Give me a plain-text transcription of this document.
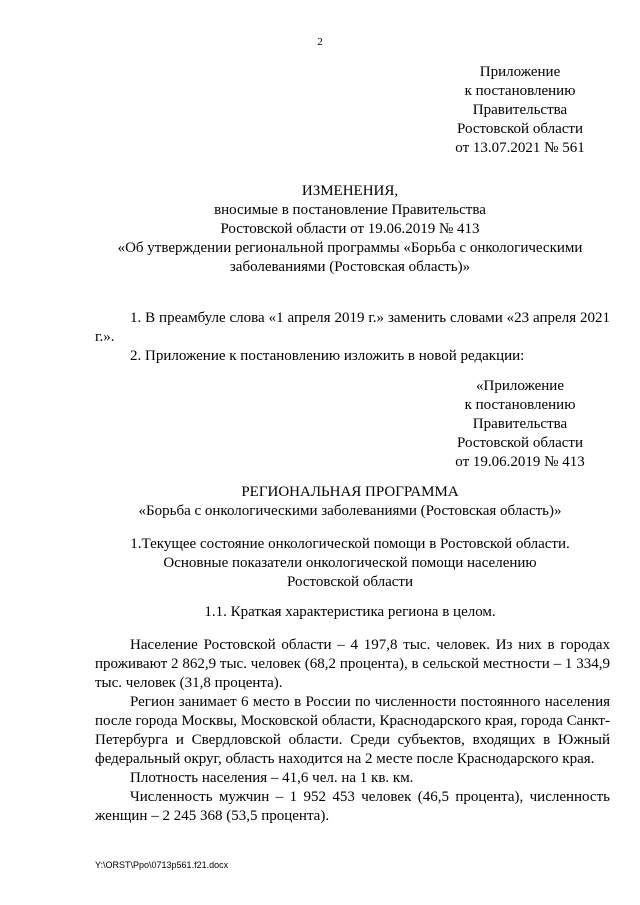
2
Приложение
к постановлению
Правительства
Ростовской области
от 13.07.2021 № 561
ИЗМЕНЕНИЯ,
вносимые в постановление Правительства
Ростовской области от 19.06.2019 № 413
«Об утверждении региональной программы «Борьба с онкологическими
заболеваниями (Ростовская область)»
1. В преамбуле слова «1 апреля 2019 г.» заменить словами «23 апреля 2021 г.».
2. Приложение к постановлению изложить в новой редакции:
«Приложение
к постановлению
Правительства
Ростовской области
от 19.06.2019 № 413
РЕГИОНАЛЬНАЯ ПРОГРАММА
«Борьба с онкологическими заболеваниями (Ростовская область)»
1.Текущее состояние онкологической помощи в Ростовской области.
Основные показатели онкологической помощи населению
Ростовской области
1.1. Краткая характеристика региона в целом.
Население Ростовской области – 4 197,8 тыс. человек. Из них в городах проживают 2 862,9 тыс. человек (68,2 процента), в сельской местности – 1 334,9 тыс. человек (31,8 процента).
Регион занимает 6 место в России по численности постоянного населения после города Москвы, Московской области, Краснодарского края, города Санкт-Петербурга и Свердловской области. Среди субъектов, входящих в Южный федеральный округ, область находится на 2 месте после Краснодарского края.
Плотность населения – 41,6 чел. на 1 кв. км.
Численность мужчин – 1 952 453 человек (46,5 процента), численность женщин – 2 245 368 (53,5 процента).
Y:\ORST\Ppo\0713p561.f21.docx
